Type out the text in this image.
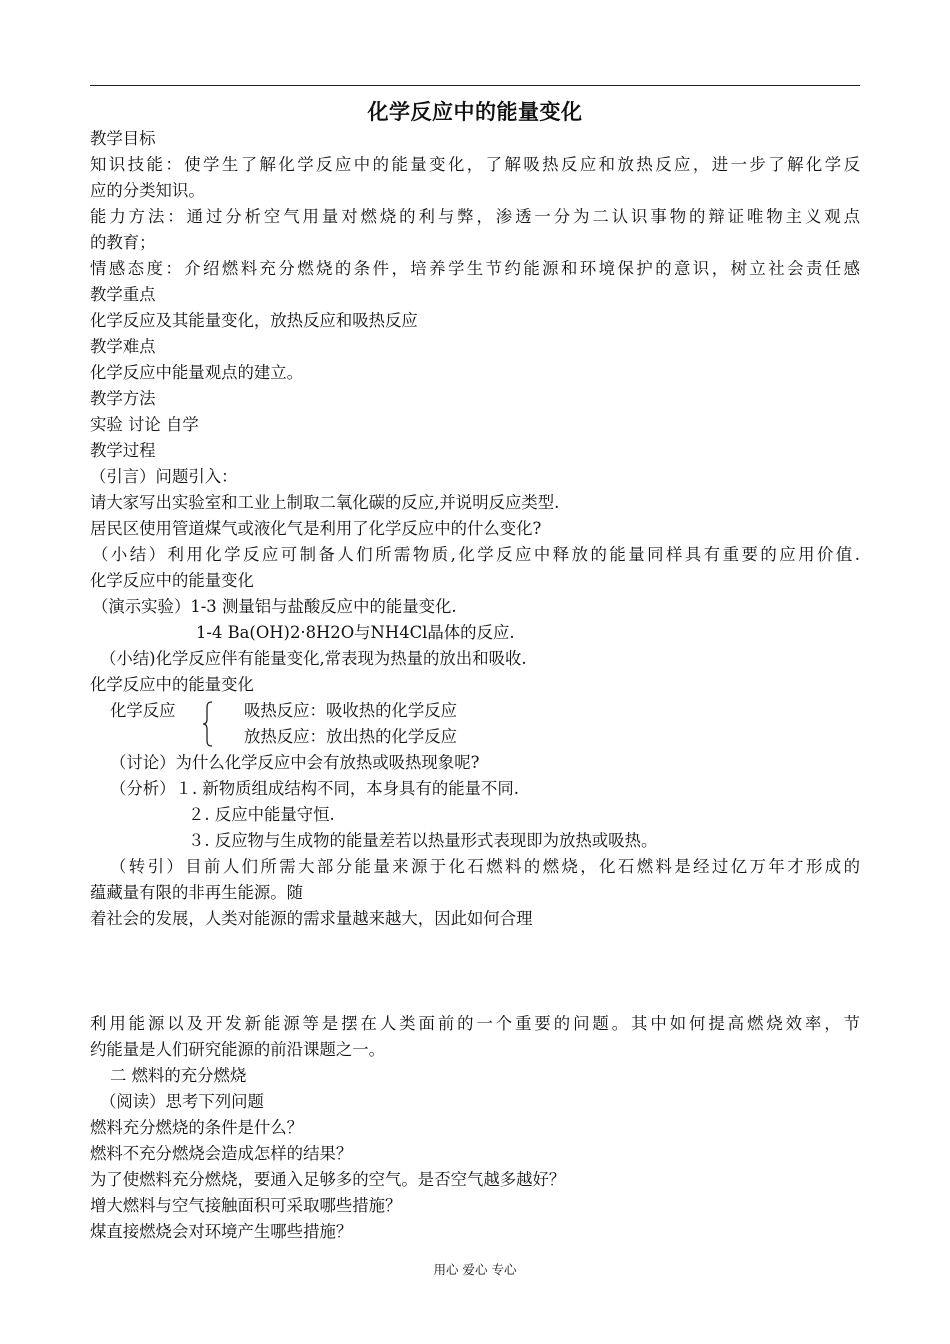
化学反应中的能量变化
教学目标
知识技能：使学生了解化学反应中的能量变化，了解吸热反应和放热反应，进一步了解化学反
应的分类知识。
能力方法：通过分析空气用量对燃烧的利与弊，渗透一分为二认识事物的辩证唯物主义观点
的教育；
情感态度：介绍燃料充分燃烧的条件，培养学生节约能源和环境保护的意识，树立社会责任感
教学重点
化学反应及其能量变化，放热反应和吸热反应
教学难点
化学反应中能量观点的建立。
教学方法
实验 讨论 自学
教学过程
（引言）问题引入：
请大家写出实验室和工业上制取二氧化碳的反应,并说明反应类型.
居民区使用管道煤气或液化气是利用了化学反应中的什么变化?
（小结）利用化学反应可制备人们所需物质,化学反应中释放的能量同样具有重要的应用价值.
化学反应中的能量变化
（演示实验）1-3 测量铝与盐酸反应中的能量变化.
1-4 Ba(OH)2·8H2O与NH4Cl晶体的反应.
（小结)化学反应伴有能量变化,常表现为热量的放出和吸收.
化学反应中的能量变化
化学反应	吸热反应：吸收热的化学反应
放热反应：放出热的化学反应
（讨论）为什么化学反应中会有放热或吸热现象呢?
（分析）１. 新物质组成结构不同，本身具有的能量不同.
２. 反应中能量守恒.
３. 反应物与生成物的能量差若以热量形式表现即为放热或吸热。
（转引）目前人们所需大部分能量来源于化石燃料的燃烧，化石燃料是经过亿万年才形成的
蕴藏量有限的非再生能源。随
着社会的发展，人类对能源的需求量越来越大，因此如何合理
利用能源以及开发新能源等是摆在人类面前的一个重要的问题。其中如何提高燃烧效率，节
约能量是人们研究能源的前沿课题之一。
二 燃料的充分燃烧
（阅读）思考下列问题
燃料充分燃烧的条件是什么？
燃料不充分燃烧会造成怎样的结果？
为了使燃料充分燃烧，要通入足够多的空气。是否空气越多越好？
增大燃料与空气接触面积可采取哪些措施？
煤直接燃烧会对环境产生哪些措施？
用心 爱心 专心
